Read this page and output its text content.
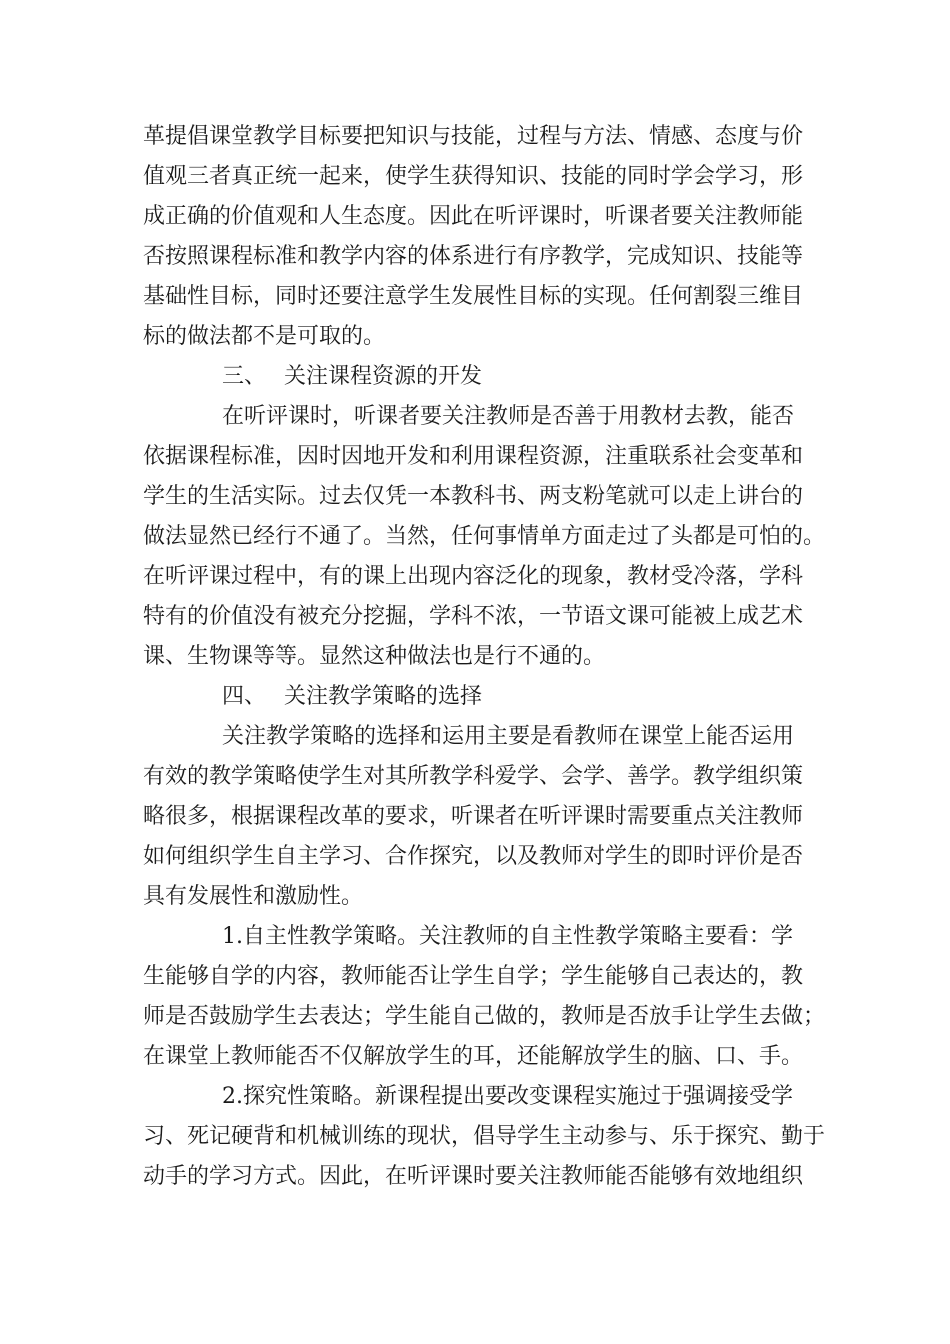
革提倡课堂教学目标要把知识与技能，过程与方法、情感、态度与价
值观三者真正统一起来，使学生获得知识、技能的同时学会学习，形
成正确的价值观和人生态度。因此在听评课时，听课者要关注教师能
否按照课程标准和教学内容的体系进行有序教学，完成知识、技能等
基础性目标，同时还要注意学生发展性目标的实现。任何割裂三维目
标的做法都不是可取的。
三、 关注课程资源的开发
在听评课时，听课者要关注教师是否善于用教材去教，能否
依据课程标准，因时因地开发和利用课程资源，注重联系社会变革和
学生的生活实际。过去仅凭一本教科书、两支粉笔就可以走上讲台的
做法显然已经行不通了。当然，任何事情单方面走过了头都是可怕的。
在听评课过程中，有的课上出现内容泛化的现象，教材受冷落，学科
特有的价值没有被充分挖掘，学科不浓，一节语文课可能被上成艺术
课、生物课等等。显然这种做法也是行不通的。
四、 关注教学策略的选择
关注教学策略的选择和运用主要是看教师在课堂上能否运用
有效的教学策略使学生对其所教学科爱学、会学、善学。教学组织策
略很多，根据课程改革的要求，听课者在听评课时需要重点关注教师
如何组织学生自主学习、合作探究，以及教师对学生的即时评价是否
具有发展性和激励性。
1.自主性教学策略。关注教师的自主性教学策略主要看：学
生能够自学的内容，教师能否让学生自学；学生能够自己表达的，教
师是否鼓励学生去表达；学生能自己做的，教师是否放手让学生去做；
在课堂上教师能否不仅解放学生的耳，还能解放学生的脑、口、手。
2.探究性策略。新课程提出要改变课程实施过于强调接受学
习、死记硬背和机械训练的现状，倡导学生主动参与、乐于探究、勤于
动手的学习方式。因此，在听评课时要关注教师能否能够有效地组织
